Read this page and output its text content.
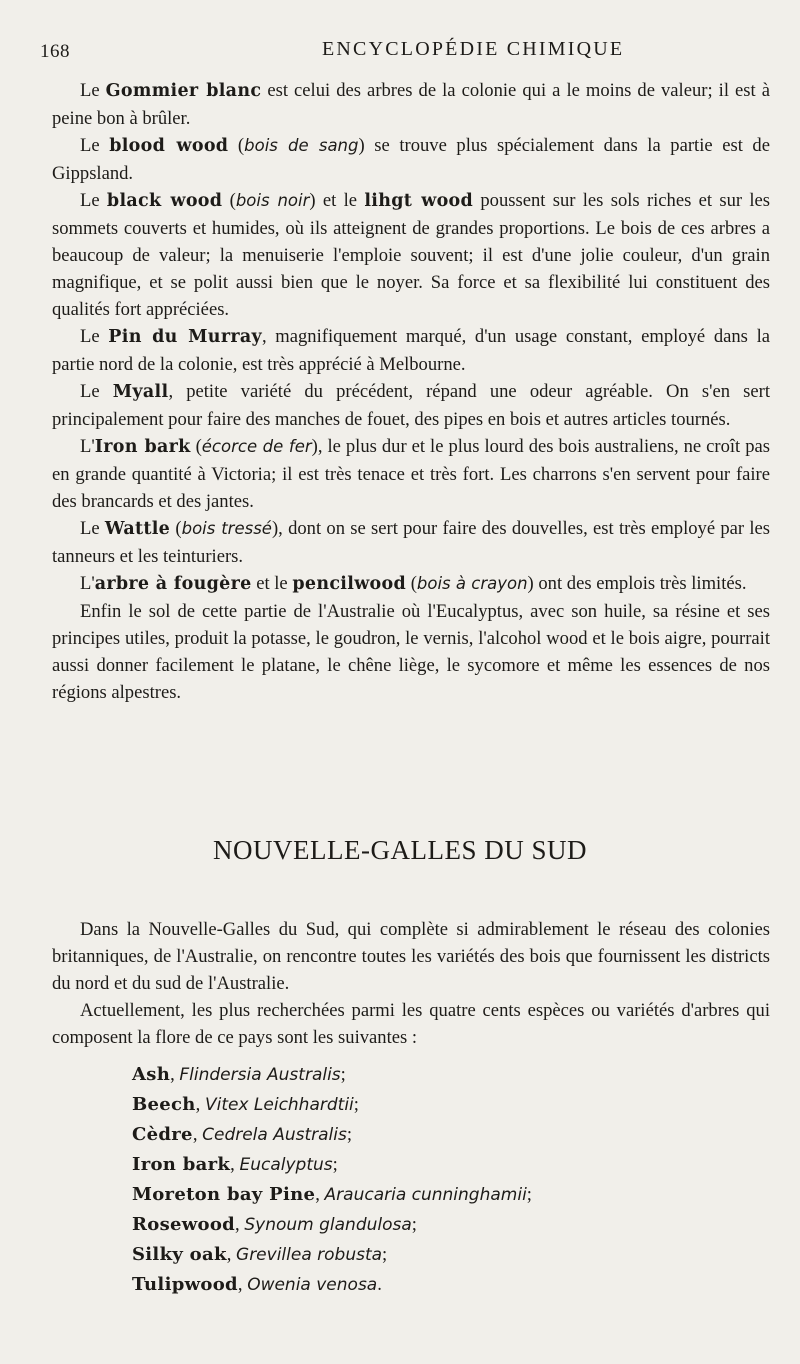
168	ENCYCLOPÉDIE CHIMIQUE

Le Gommier blanc est celui des arbres de la colonie qui a le moins de valeur; il est à peine bon à brûler.

Le blood wood (bois de sang) se trouve plus spécialement dans la partie est de Gippsland.

Le black wood (bois noir) et le lihgt wood poussent sur les sols riches et sur les sommets couverts et humides, où ils atteignent de grandes proportions. Le bois de ces arbres a beaucoup de valeur; la menuiserie l'emploie souvent; il est d'une jolie couleur, d'un grain magnifique, et se polit aussi bien que le noyer. Sa force et sa flexibilité lui constituent des qualités fort appréciées.

Le Pin du Murray, magnifiquement marqué, d'un usage constant, employé dans la partie nord de la colonie, est très apprécié à Melbourne.

Le Myall, petite variété du précédent, répand une odeur agréable. On s'en sert principalement pour faire des manches de fouet, des pipes en bois et autres articles tournés.

L'Iron bark (écorce de fer), le plus dur et le plus lourd des bois australiens, ne croît pas en grande quantité à Victoria; il est très tenace et très fort. Les charrons s'en servent pour faire des brancards et des jantes.

Le Wattle (bois tressé), dont on se sert pour faire des douvelles, est très employé par les tanneurs et les teinturiers.

L'arbre à fougère et le pencilwood (bois à crayon) ont des emplois très limités.

Enfin le sol de cette partie de l'Australie où l'Eucalyptus, avec son huile, sa résine et ses principes utiles, produit la potasse, le goudron, le vernis, l'alcohol wood et le bois aigre, pourrait aussi donner facilement le platane, le chêne liège, le sycomore et même les essences de nos régions alpestres.

NOUVELLE-GALLES DU SUD

Dans la Nouvelle-Galles du Sud, qui complète si admirablement le réseau des colonies britanniques, de l'Australie, on rencontre toutes les variétés des bois que fournissent les districts du nord et du sud de l'Australie.

Actuellement, les plus recherchées parmi les quatre cents espèces ou variétés d'arbres qui composent la flore de ce pays sont les suivantes :

Ash, Flindersia Australis;
Beech, Vitex Leichhardtii;
Cèdre, Cedrela Australis;
Iron bark, Eucalyptus;
Moreton bay Pine, Araucaria cunninghamii;
Rosewood, Synoum glandulosa;
Silky oak, Grevillea robusta;
Tulipwood, Owenia venosa.
